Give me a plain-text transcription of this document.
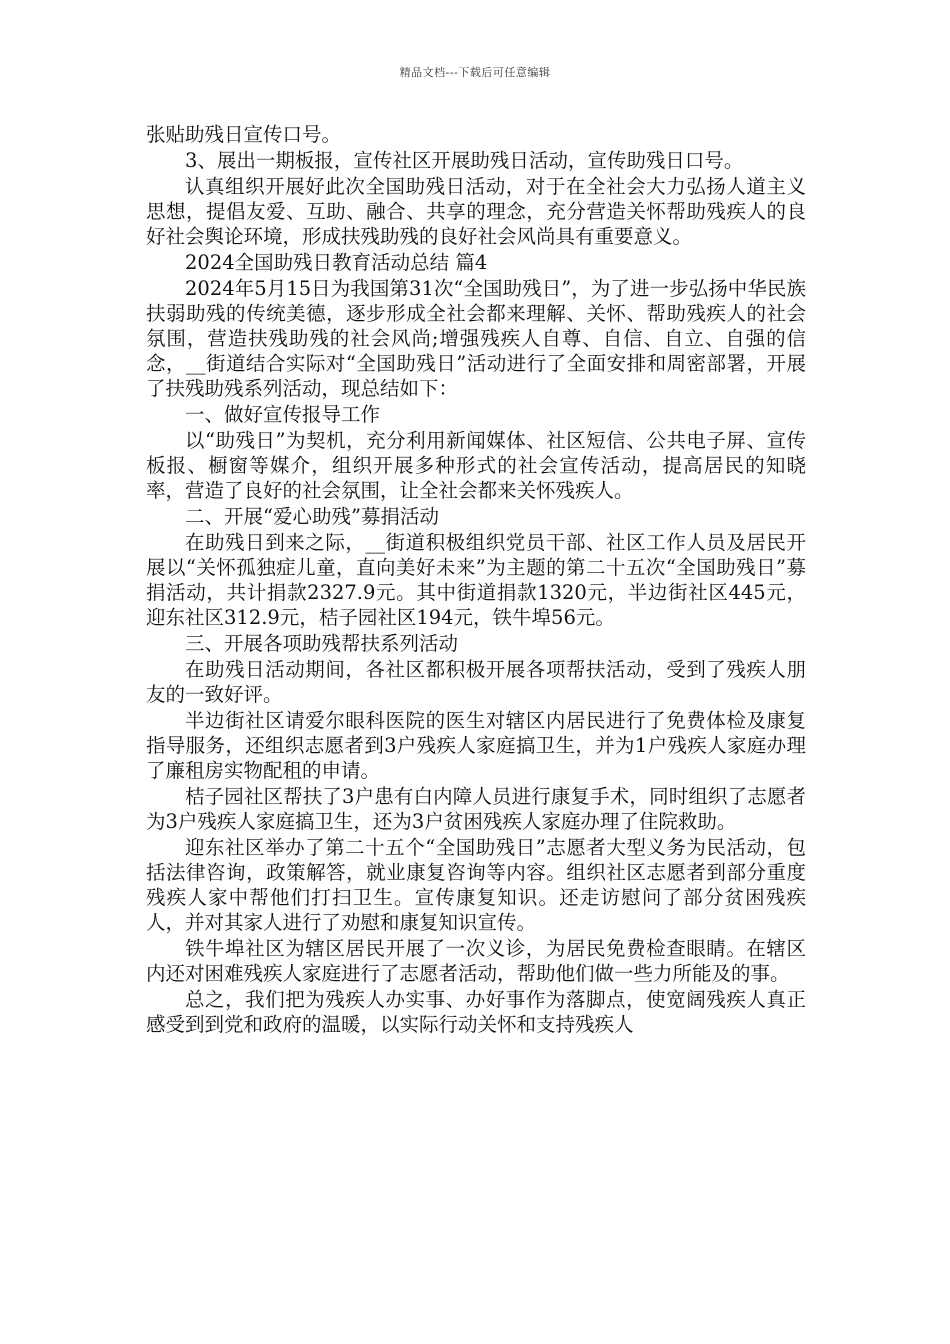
精品文档---下载后可任意编辑

张贴助残日宣传口号。

3、展出一期板报，宣传社区开展助残日活动，宣传助残日口号。

认真组织开展好此次全国助残日活动，对于在全社会大力弘扬人道主义思想，提倡友爱、互助、融合、共享的理念，充分营造关怀帮助残疾人的良好社会舆论环境，形成扶残助残的良好社会风尚具有重要意义。

2024全国助残日教育活动总结 篇4

2024年5月15日为我国第31次“全国助残日”，为了进一步弘扬中华民族扶弱助残的传统美德，逐步形成全社会都来理解、关怀、帮助残疾人的社会氛围，营造扶残助残的社会风尚;增强残疾人自尊、自信、自立、自强的信念，__街道结合实际对“全国助残日”活动进行了全面安排和周密部署，开展了扶残助残系列活动，现总结如下：

一、做好宣传报导工作

以“助残日”为契机，充分利用新闻媒体、社区短信、公共电子屏、宣传板报、橱窗等媒介，组织开展多种形式的社会宣传活动，提高居民的知晓率，营造了良好的社会氛围，让全社会都来关怀残疾人。

二、开展“爱心助残”募捐活动

在助残日到来之际，__街道积极组织党员干部、社区工作人员及居民开展以“关怀孤独症儿童，直向美好未来”为主题的第二十五次“全国助残日”募捐活动，共计捐款2327.9元。其中街道捐款1320元，半边街社区445元，迎东社区312.9元，桔子园社区194元，铁牛埠56元。

三、开展各项助残帮扶系列活动

在助残日活动期间，各社区都积极开展各项帮扶活动，受到了残疾人朋友的一致好评。

半边街社区请爱尔眼科医院的医生对辖区内居民进行了免费体检及康复指导服务，还组织志愿者到3户残疾人家庭搞卫生，并为1户残疾人家庭办理了廉租房实物配租的申请。

桔子园社区帮扶了3户患有白内障人员进行康复手术，同时组织了志愿者为3户残疾人家庭搞卫生，还为3户贫困残疾人家庭办理了住院救助。

迎东社区举办了第二十五个“全国助残日”志愿者大型义务为民活动，包括法律咨询，政策解答，就业康复咨询等内容。组织社区志愿者到部分重度残疾人家中帮他们打扫卫生。宣传康复知识。还走访慰问了部分贫困残疾人，并对其家人进行了劝慰和康复知识宣传。

铁牛埠社区为辖区居民开展了一次义诊，为居民免费检查眼睛。在辖区内还对困难残疾人家庭进行了志愿者活动，帮助他们做一些力所能及的事。

总之，我们把为残疾人办实事、办好事作为落脚点，使宽阔残疾人真正感受到到党和政府的温暖，以实际行动关怀和支持残疾人
